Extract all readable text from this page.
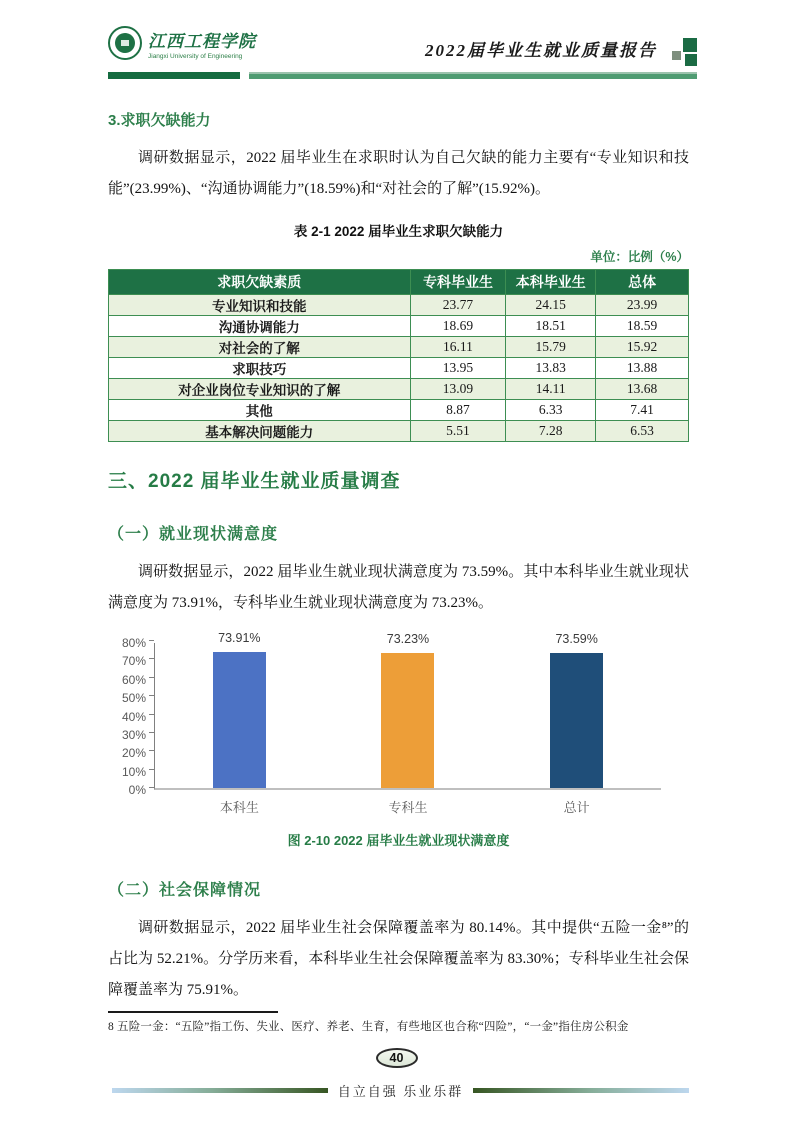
江西工程学院
Jiangxi University of Engineering	2022届毕业生就业质量报告
3.求职欠缺能力

调研数据显示，2022 届毕业生在求职时认为自己欠缺的能力主要有“专业知识和技能”(23.99%)、“沟通协调能力”(18.59%)和“对社会的了解”(15.92%)。

表 2-1 2022 届毕业生求职欠缺能力
单位：比例（%）
求职欠缺素质	专科毕业生	本科毕业生	总体
专业知识和技能	23.77	24.15	23.99
沟通协调能力	18.69	18.51	18.59
对社会的了解	16.11	15.79	15.92
求职技巧	13.95	13.83	13.88
对企业岗位专业知识的了解	13.09	14.11	13.68
其他	8.87	6.33	7.41
基本解决问题能力	5.51	7.28	6.53
三、2022 届毕业生就业质量调查
（一）就业现状满意度

调研数据显示，2022 届毕业生就业现状满意度为 73.59%。其中本科毕业生就业现状满意度为 73.91%，专科毕业生就业现状满意度为 73.23%。

0%
10%
20%
30%
40%
50%
60%
70%
80%	73.91%
本科生
73.23%
专科生
73.59%
总计
图 2-10 2022 届毕业生就业现状满意度
（二）社会保障情况

调研数据显示，2022 届毕业生社会保障覆盖率为 80.14%。其中提供“五险一金⁸”的占比为 52.21%。分学历来看，本科毕业生社会保障覆盖率为 83.30%；专科毕业生社会保障覆盖率为 75.91%。

8 五险一金：“五险”指工伤、失业、医疗、养老、生育，有些地区也合称“四险”，“一金”指住房公积金
40
自立自强 乐业乐群
